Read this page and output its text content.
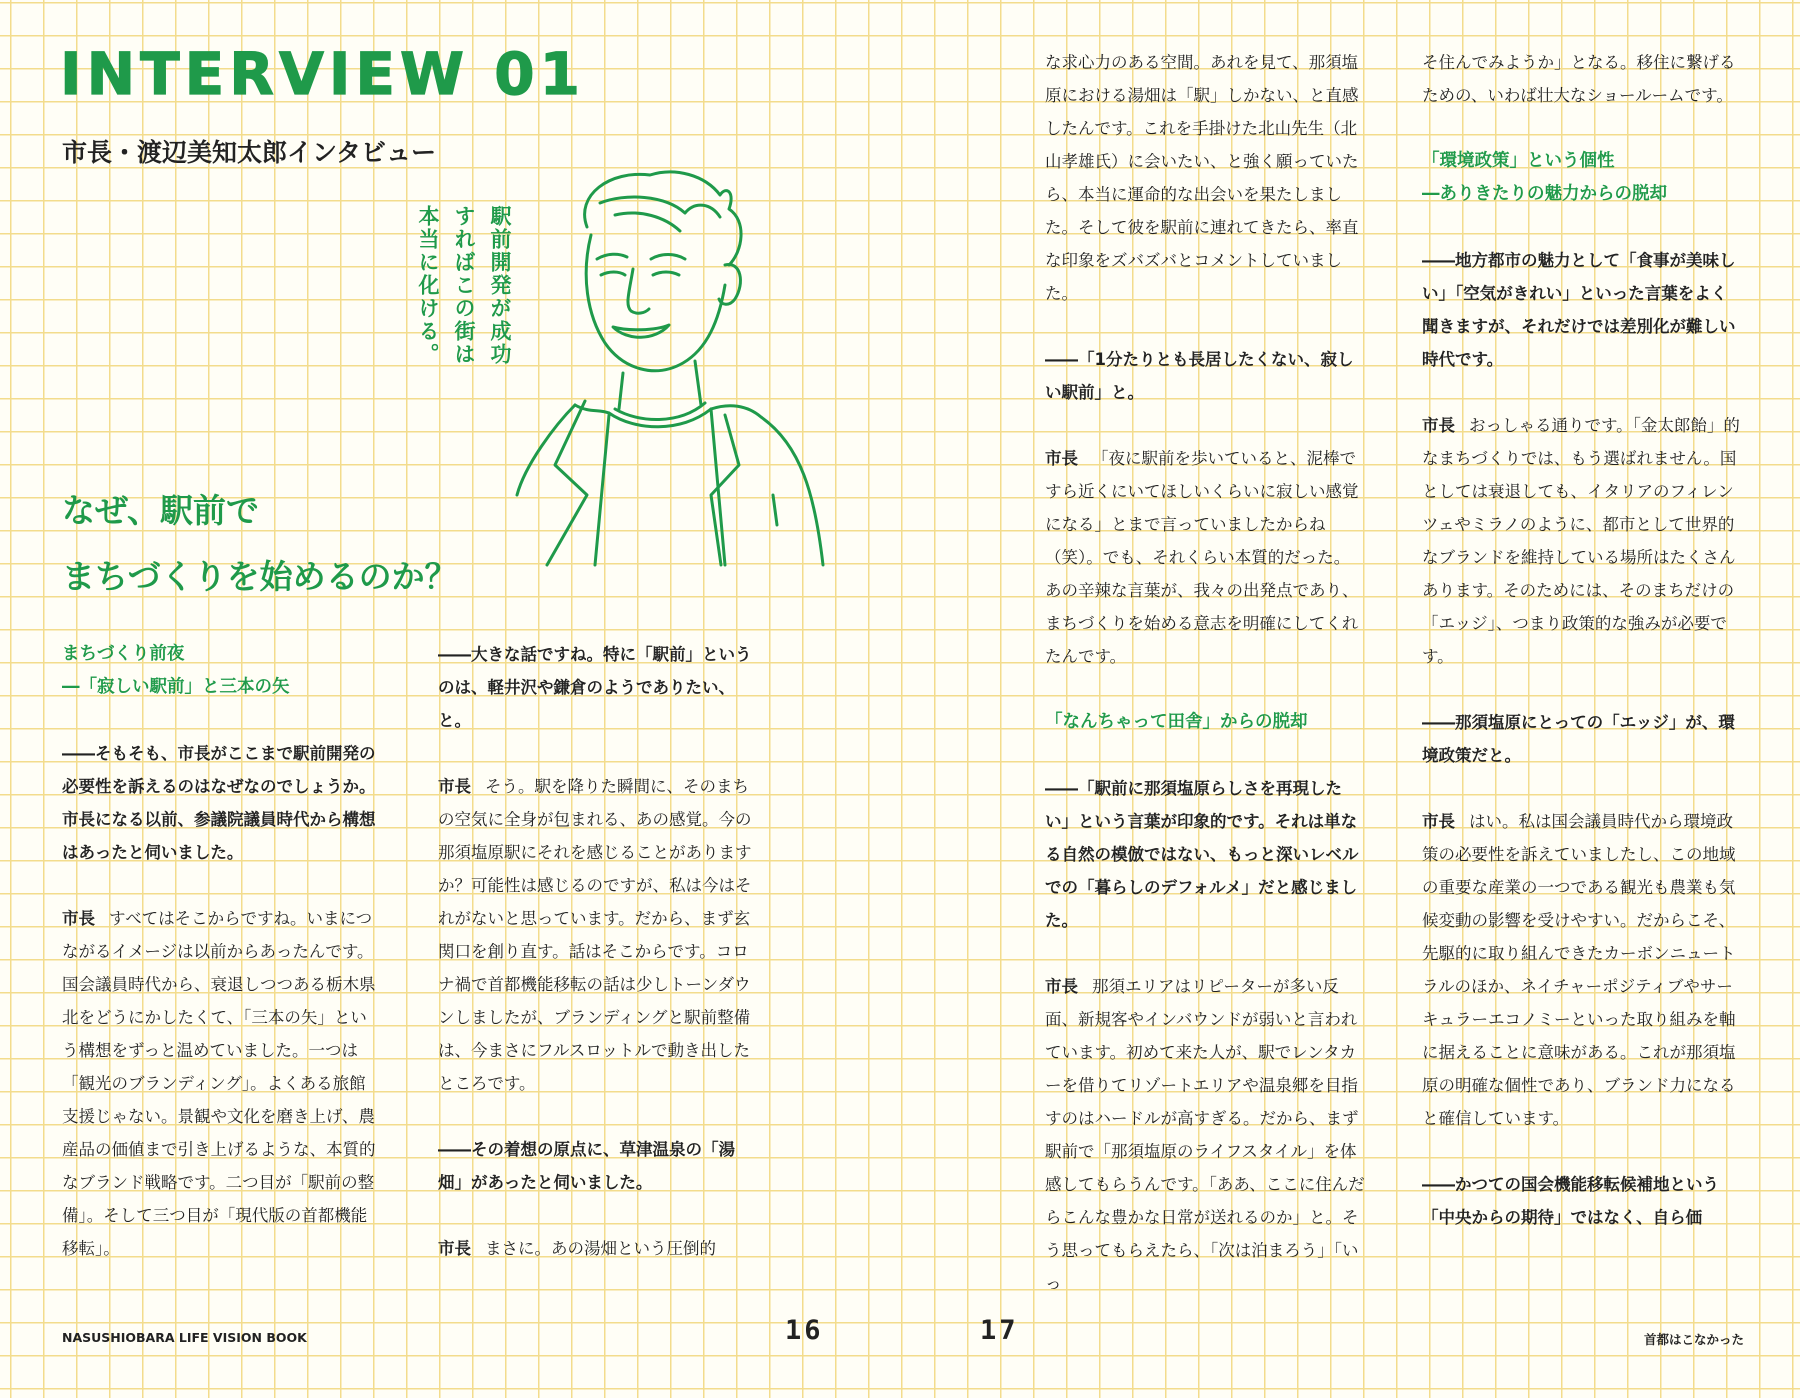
INTERVIEW 01
市長・渡辺美知太郎インタビュー
駅前開発が成功すればこの街は本当に化ける。
なぜ、駅前で
まちづくりを始めるのか？

まちづくり前夜
―「寂しい駅前」と三本の矢

――そもそも、市長がここまで駅前開発の必要性を訴えるのはなぜなのでしょうか。市長になる以前、参議院議員時代から構想はあったと伺いました。

市長 すべてはそこからですね。いまにつながるイメージは以前からあったんです。国会議員時代から、衰退しつつある栃木県北をどうにかしたくて、「三本の矢」という構想をずっと温めていました。一つは「観光のブランディング」。よくある旅館支援じゃない。景観や文化を磨き上げ、農産品の価値まで引き上げるような、本質的なブランド戦略です。二つ目が「駅前の整備」。そして三つ目が「現代版の首都機能移転」。

――大きな話ですね。特に「駅前」というのは、軽井沢や鎌倉のようでありたい、と。

市長 そう。駅を降りた瞬間に、そのまちの空気に全身が包まれる、あの感覚。今の那須塩原駅にそれを感じることがありますか？可能性は感じるのですが、私は今はそれがないと思っています。だから、まず玄関口を創り直す。話はそこからです。コロナ禍で首都機能移転の話は少しトーンダウンしましたが、ブランディングと駅前整備は、今まさにフルスロットルで動き出したところです。

――その着想の原点に、草津温泉の「湯畑」があったと伺いました。

市長 まさに。あの湯畑という圧倒的

な求心力のある空間。あれを見て、那須塩原における湯畑は「駅」しかない、と直感したんです。これを手掛けた北山先生（北山孝雄氏）に会いたい、と強く願っていたら、本当に運命的な出会いを果たしました。そして彼を駅前に連れてきたら、率直な印象をズバズバとコメントしていました。

――「1分たりとも長居したくない、寂しい駅前」と。

市長 「夜に駅前を歩いていると、泥棒ですら近くにいてほしいくらいに寂しい感覚になる」とまで言っていましたからね（笑）。でも、それくらい本質的だった。あの辛辣な言葉が、我々の出発点であり、まちづくりを始める意志を明確にしてくれたんです。

「なんちゃって田舎」からの脱却

――「駅前に那須塩原らしさを再現したい」という言葉が印象的です。それは単なる自然の模倣ではない、もっと深いレベルでの「暮らしのデフォルメ」だと感じました。

市長 那須エリアはリピーターが多い反面、新規客やインバウンドが弱いと言われています。初めて来た人が、駅でレンタカーを借りてリゾートエリアや温泉郷を目指すのはハードルが高すぎる。だから、まず駅前で「那須塩原のライフスタイル」を体感してもらうんです。「ああ、ここに住んだらこんな豊かな日常が送れるのか」と。そう思ってもらえたら、「次は泊まろう」「いっ

そ住んでみようか」となる。移住に繋げるための、いわば壮大なショールームです。

「環境政策」という個性
―ありきたりの魅力からの脱却

――地方都市の魅力として「食事が美味しい」「空気がきれい」といった言葉をよく聞きますが、それだけでは差別化が難しい時代です。

市長 おっしゃる通りです。「金太郎飴」的なまちづくりでは、もう選ばれません。国としては衰退しても、イタリアのフィレンツェやミラノのように、都市として世界的なブランドを維持している場所はたくさんあります。そのためには、そのまちだけの「エッジ」、つまり政策的な強みが必要です。

――那須塩原にとっての「エッジ」が、環境政策だと。

市長 はい。私は国会議員時代から環境政策の必要性を訴えていましたし、この地域の重要な産業の一つである観光も農業も気候変動の影響を受けやすい。だからこそ、先駆的に取り組んできたカーボンニュートラルのほか、ネイチャーポジティブやサーキュラーエコノミーといった取り組みを軸に据えることに意味がある。これが那須塩原の明確な個性であり、ブランド力になると確信しています。

――かつての国会機能移転候補地という「中央からの期待」ではなく、自ら価

NASUSHIOBARA LIFE VISION BOOK	16	17	首都はこなかった
